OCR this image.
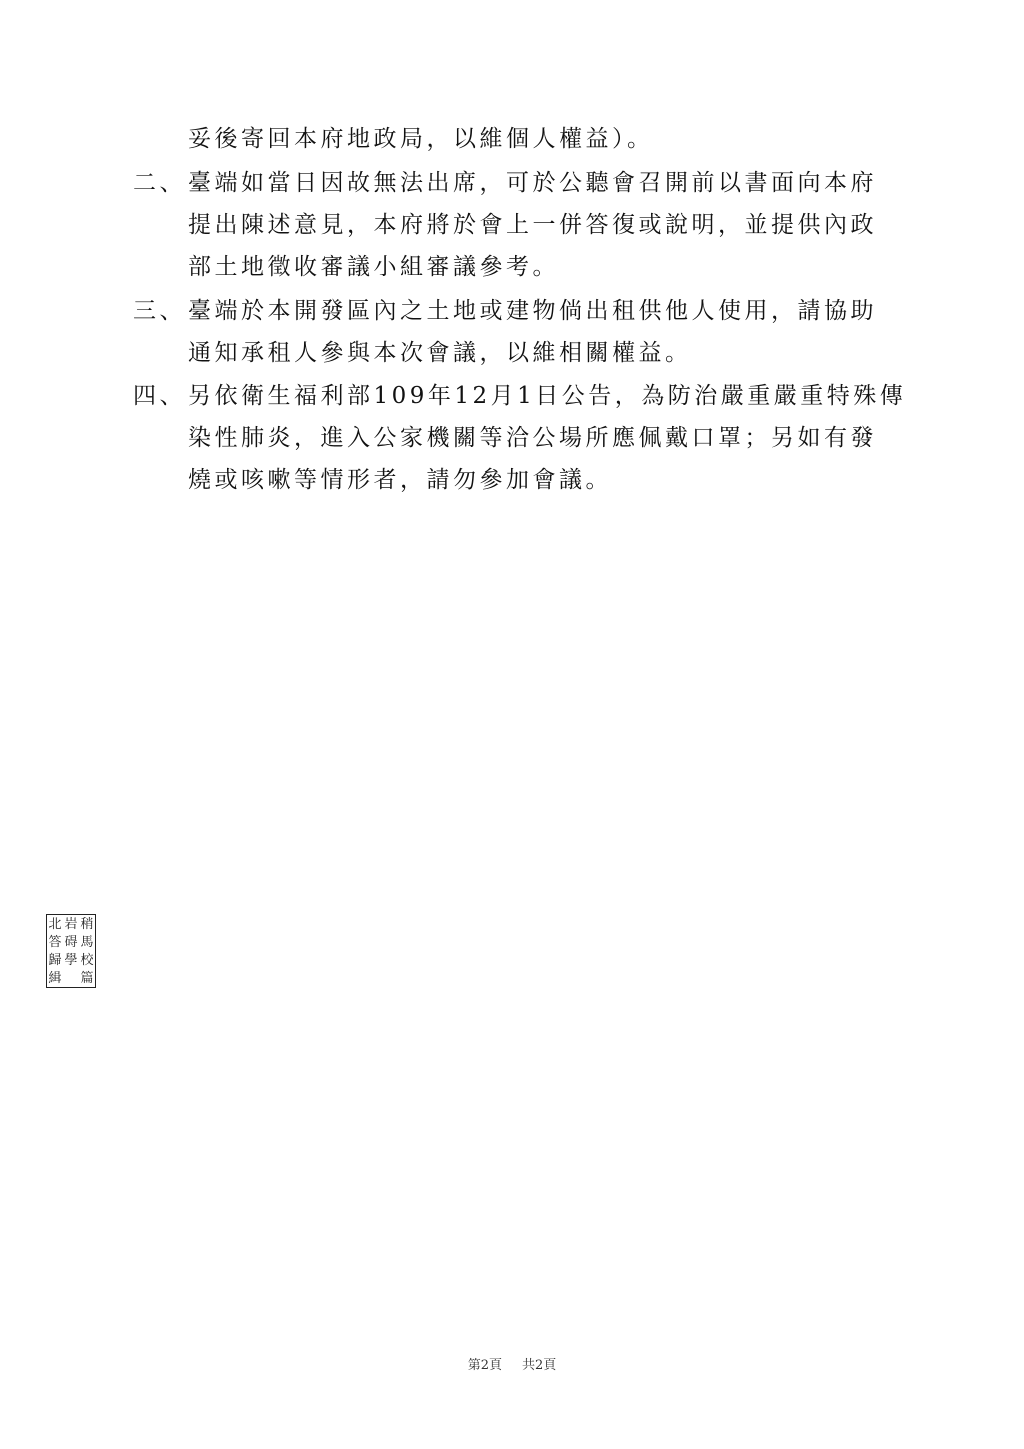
妥後寄回本府地政局，以維個人權益）。
二、 臺端如當日因故無法出席，可於公聽會召開前以書面向本府
提出陳述意見，本府將於會上一併答復或說明，並提供內政
部土地徵收審議小組審議參考。
三、 臺端於本開發區內之土地或建物倘出租供他人使用，請協助
通知承租人參與本次會議，以維相關權益。
四、 另依衛生福利部109年12月1日公告，為防治嚴重嚴重特殊傳
染性肺炎，進入公家機關等洽公場所應佩戴口罩；另如有發
燒或咳嗽等情形者，請勿參加會議。
北 岩 稍
答 碍 馬
歸 學 校
緝 篇
第2頁 共2頁
